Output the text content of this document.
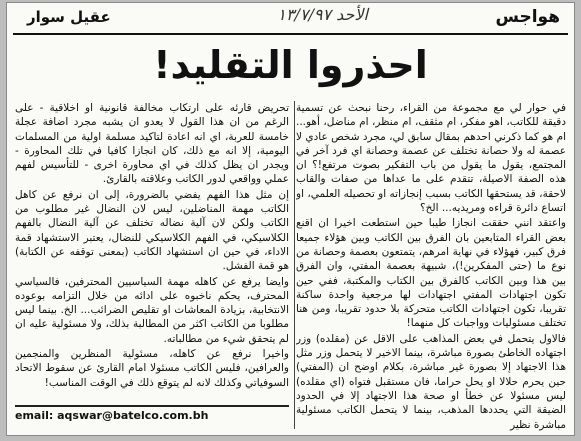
هواجس
الأحد ١٣/٧/٩٧
عقيل سوار
احذروا التقليد!

في حوار لي مع مجموعة من القراء، رحنا نبحث عن تسمية دقيقة للكاتب، اهو مفكر، ام مثقف، ام منظر، ام مناضل، أهو... ام هو كما ذكرني احدهم بمقال سابق لي، مجرد شخص عادي لا عصمة له ولا حصانة تختلف عن عصمة وحصانة اي فرد آخر في المجتمع، يقول ما يقول من باب التفكير بصوت مرتفع!؟ ان هذه الصفة الاصيلة، تتقدم على ما عداها من صفات والقاب لاحقة، قد يستحقها الكاتب بسبب إنجازاته او تحصيله العلمي، او اتساع دائرة قراءه ومريديه... الخ؟

واعتقد انني حققت انجازا طيبا حين استطعت اخيرا ان اقنع بعض القراء المتابعين بان الفرق بين الكاتب وبين هؤلاء جميعا فرق كبير، فهؤلاء في نهاية امرهم، يتمتعون بعصمة وحصانة من نوع ما (حتى المفكرين!)، شبيهة بعصمة المفتي، وان الفرق بين هذا وبين الكاتب كالفرق بين الكتاب والمكتبة، ففي حين تكون اجتهادات المفتي اجتهادات لها مرجعية واحدة ساكنة تقريبا، تكون اجتهادات الكاتب متحركة بلا حدود تقريبا، ومن هنا تختلف مسئوليات وواجبات كل منهما!

فالاول يتحمل في بعض المذاهب على الاقل عن (مقلده) وزر اجتهاده الخاطئ بصورة مباشرة، بينما الاخير لا يتحمل وزر مثل هذا الاجتهاد إلا بصورة غير مباشرة، بكلام اوضح ان (المفتي) حين يحرم حلالا او يحل حراما، فان مستقبل فتواه (اي مقلده) ليس مسئولا عن خطأ او صحة هذا الاجتهاد إلا في الحدود الضيقة التي يحددها المذهب، بينما لا يتحمل الكاتب مسئولية مباشرة نظير

تحريض قارئه على ارتكاب مخالفة قانونية او اخلاقية - على الرغم من ان هذا القول لا يعدو ان يشبه مجرد اضافة عجلة خامسة للعربة، اي انه اعادة لتاكيد مسلمة اولية من المسلمات اليومية، إلا انه مع ذلك، كان انجازا كافيا في تلك المحاورة - ويجدر ان يظل كذلك في اي محاورة اخرى - للتأسيس لفهم عملي وواقعي لدور الكاتب وعلاقته بالقارئ.

إن مثل هذا الفهم يفضي بالضرورة، إلى ان نرفع عن كاهل الكاتب مهمة المناضلين، ليس لان النضال غير مطلوب من الكاتب ولكن لان آلية نضاله تختلف عن آلية النضال بالفهم الكلاسيكي، في الفهم الكلاسيكي للنضال، يعتبر الاستشهاد قمة الاداء، في حين ان استشهاد الكاتب (بمعنى توقفه عن الكتابة) هو قمة الفشل.

وايضا يرفع عن كاهله مهمة السياسيين المحترفين، فالسياسي المحترف، يحكم ناخبوه على ادائه من خلال التزامه بوعوده الانتخابية، بزيادة المعاشات او تقليص الضرائب... الخ. بينما ليس مطلوبا من الكاتب اكثر من المطالبة بذلك، ولا مسئولية عليه ان لم يتحقق شيء من مطالباته.

واخيرا نرفع عن كاهله، مسئولية المنظرين والمنجمين والعرافين، فليس الكاتب مسئولا امام القارئ عن سقوط الاتحاد السوفياتي وكذلك لانه لم يتوقع ذلك في الوقت المناسب!

email: aqswar@batelco.com.bh
